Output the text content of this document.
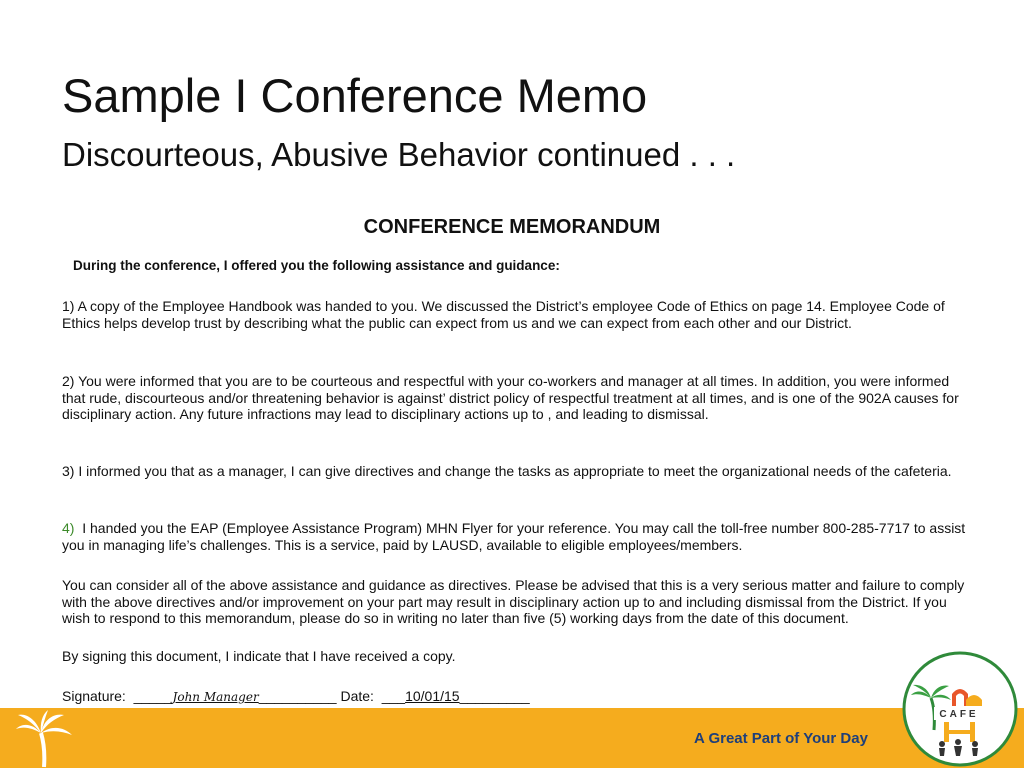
Sample I Conference Memo
Discourteous, Abusive Behavior continued . . .
CONFERENCE MEMORANDUM
During the conference, I offered you the following assistance and guidance:

1) A copy of the Employee Handbook was handed to you. We discussed the District’s employee Code of Ethics on page 14. Employee Code of Ethics helps develop trust by describing what the public can expect from us and we can expect from each other and our District.

2) You were informed that you are to be courteous and respectful with your co-workers and manager at all times. In addition, you were informed that rude, discourteous and/or threatening behavior is against’ district policy of respectful treatment at all times, and is one of the 902A causes for disciplinary action. Any future infractions may lead to disciplinary actions up to , and leading to dismissal.

3) I informed you that as a manager, I can give directives and change the tasks as appropriate to meet the organizational needs of the cafeteria.

4) I handed you the EAP (Employee Assistance Program) MHN Flyer for your reference. You may call the toll-free number 800-285-7717 to assist you in managing life’s challenges. This is a service, paid by LAUSD, available to eligible employees/members.

You can consider all of the above assistance and guidance as directives. Please be advised that this is a very serious matter and failure to comply with the above directives and/or improvement on your part may result in disciplinary action up to and including dismissal from the District. If you wish to respond to this memorandum, please do so in writing no later than five (5) working days from the date of this document.

By signing this document, I indicate that I have received a copy.

Signature: _____John Manager__________ Date: ___10/01/15_________
A Great Part of Your Day
CAFE
